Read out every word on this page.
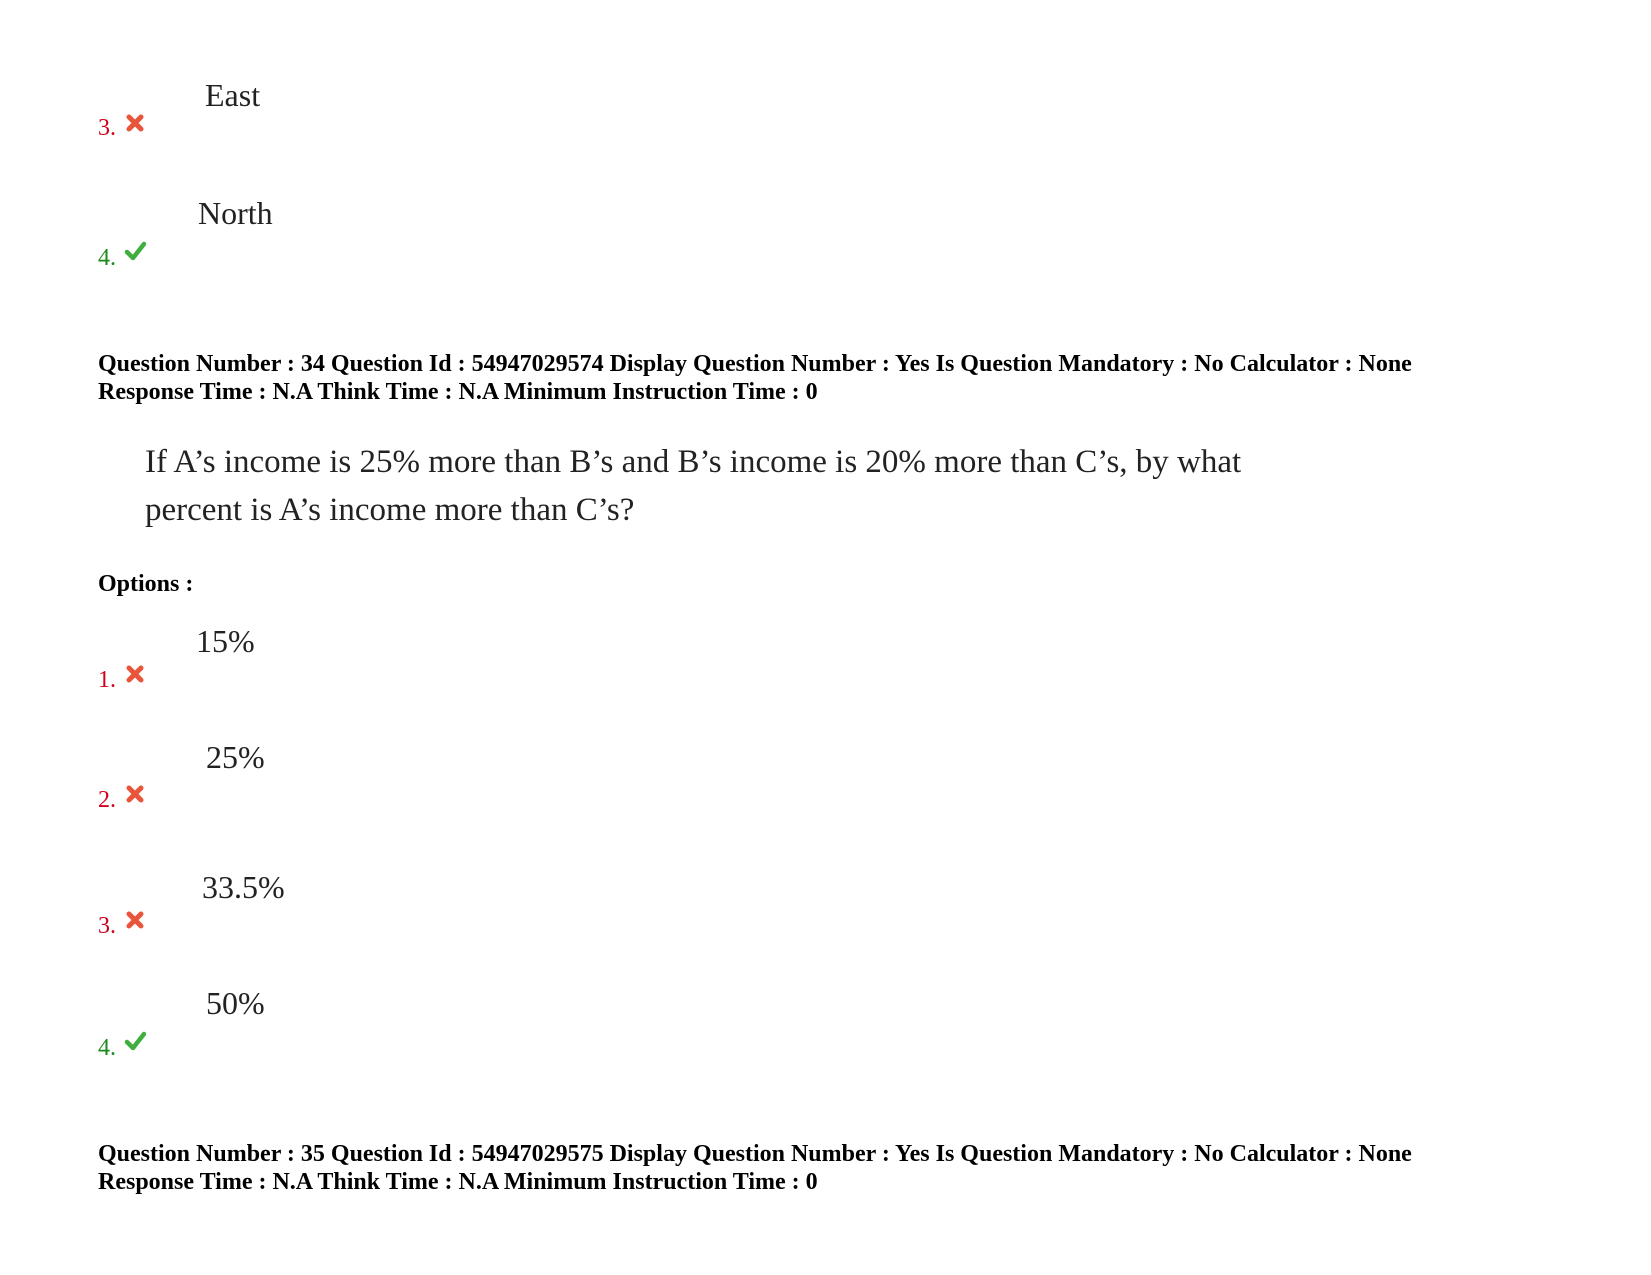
East
3.
North
4.
Question Number : 34 Question Id : 54947029574 Display Question Number : Yes Is Question Mandatory : No Calculator : None
Response Time : N.A Think Time : N.A Minimum Instruction Time : 0
If A’s income is 25% more than B’s and B’s income is 20% more than C’s, by what
percent is A’s income more than C’s?
Options :
15%
1.
25%
2.
33.5%
3.
50%
4.
Question Number : 35 Question Id : 54947029575 Display Question Number : Yes Is Question Mandatory : No Calculator : None
Response Time : N.A Think Time : N.A Minimum Instruction Time : 0
